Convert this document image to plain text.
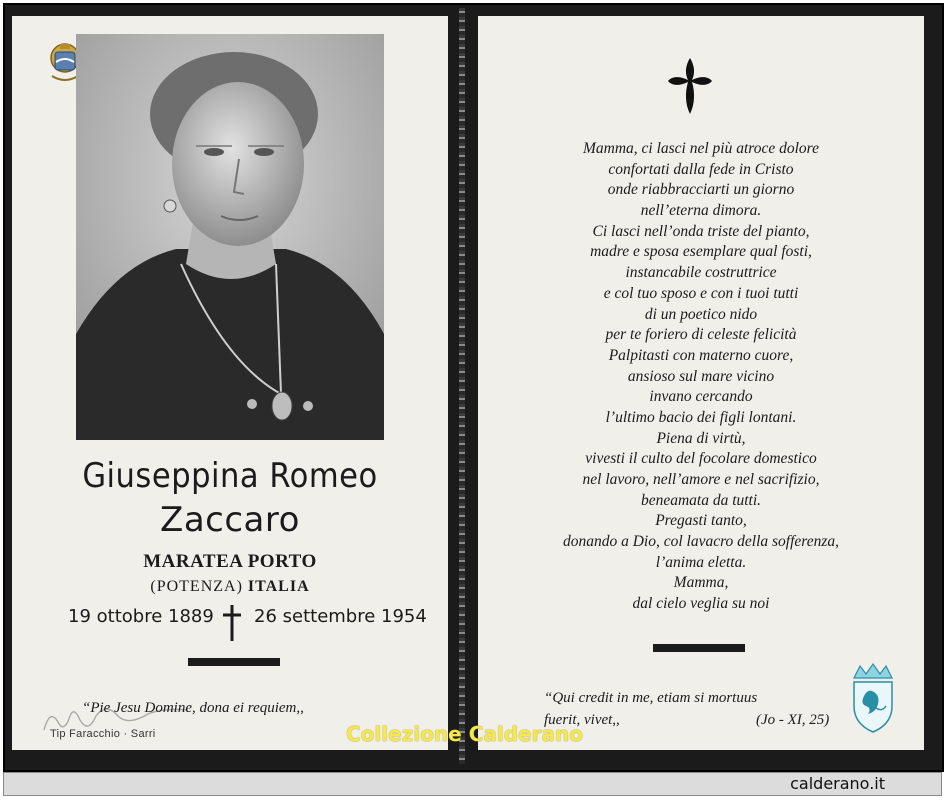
Giuseppina Romeo
Zaccaro
MARATEA PORTO
(POTENZA) ITALIA
19 ottobre 1889 26 settembre 1954
“Pie Jesu Domine, dona ei requiem,,
Tip Faracchio · Sarri
Mamma, ci lasci nel più atroce dolore
confortati dalla fede in Cristo
onde riabbracciarti un giorno
nell’eterna dimora.
Ci lasci nell’onda triste del pianto,
madre e sposa esemplare qual fosti,
instancabile costruttrice
e col tuo sposo e con i tuoi tutti
di un poetico nido
per te foriero di celeste felicità
Palpitasti con materno cuore,
ansioso sul mare vicino
invano cercando
l’ultimo bacio dei figli lontani.
Piena di virtù,
vivesti il culto del focolare domestico
nel lavoro, nell’amore e nel sacrifizio,
beneamata da tutti.
Pregasti tanto,
donando a Dio, col lavacro della sofferenza,
l’anima eletta.
Mamma,
dal cielo veglia su noi
“Qui credit in me, etiam si mortuus
fuerit, vivet,,	(Jo - XI, 25)
Collezione Calderano
calderano.it
